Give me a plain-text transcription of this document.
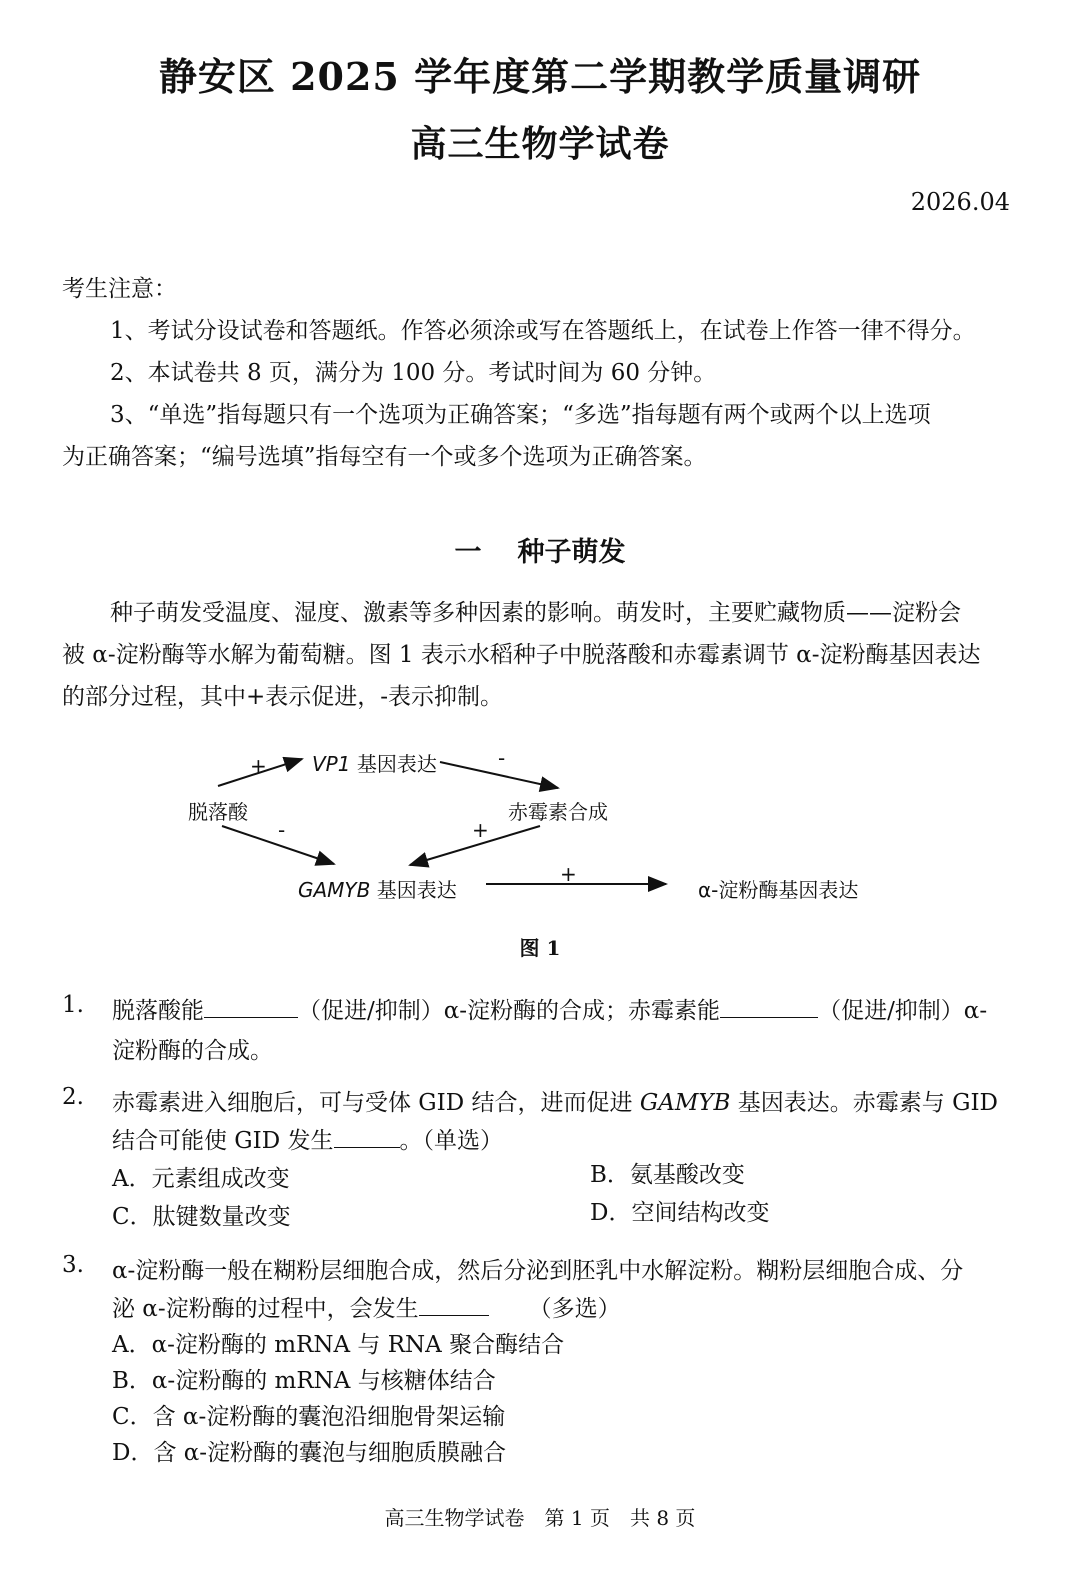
静安区 2025 学年度第二学期教学质量调研
高三生物学试卷
2026.04
考生注意：
1、考试分设试卷和答题纸。作答必须涂或写在答题纸上，在试卷上作答一律不得分。
2、本试卷共 8 页，满分为 100 分。考试时间为 60 分钟。
3、“单选”指每题只有一个选项为正确答案；“多选”指每题有两个或两个以上选项
为正确答案；“编号选填”指每空有一个或多个选项为正确答案。
一 种子萌发
种子萌发受温度、湿度、激素等多种因素的影响。萌发时，主要贮藏物质——淀粉会
被 α-淀粉酶等水解为葡萄糖。图 1 表示水稻种子中脱落酸和赤霉素调节 α-淀粉酶基因表达
的部分过程，其中+表示促进，-表示抑制。
VP1 基因表达
脱落酸	赤霉素合成
GAMYB 基因表达	α-淀粉酶基因表达
+	-
-	+
+
图 1
1. 脱落酸能	（促进/抑制）α-淀粉酶的合成；赤霉素能	（促进/抑制）α-
淀粉酶的合成。
2. 赤霉素进入细胞后，可与受体 GID 结合，进而促进 GAMYB 基因表达。赤霉素与 GID
结合可能使 GID 发生	。（单选）
A．元素组成改变	B．氨基酸改变
C．肽键数量改变	D．空间结构改变
3. α-淀粉酶一般在糊粉层细胞合成，然后分泌到胚乳中水解淀粉。糊粉层细胞合成、分
泌 α-淀粉酶的过程中，会发生	（多选）
A．α-淀粉酶的 mRNA 与 RNA 聚合酶结合
B．α-淀粉酶的 mRNA 与核糖体结合
C．含 α-淀粉酶的囊泡沿细胞骨架运输
D．含 α-淀粉酶的囊泡与细胞质膜融合
高三生物学试卷　第 1 页　共 8 页
